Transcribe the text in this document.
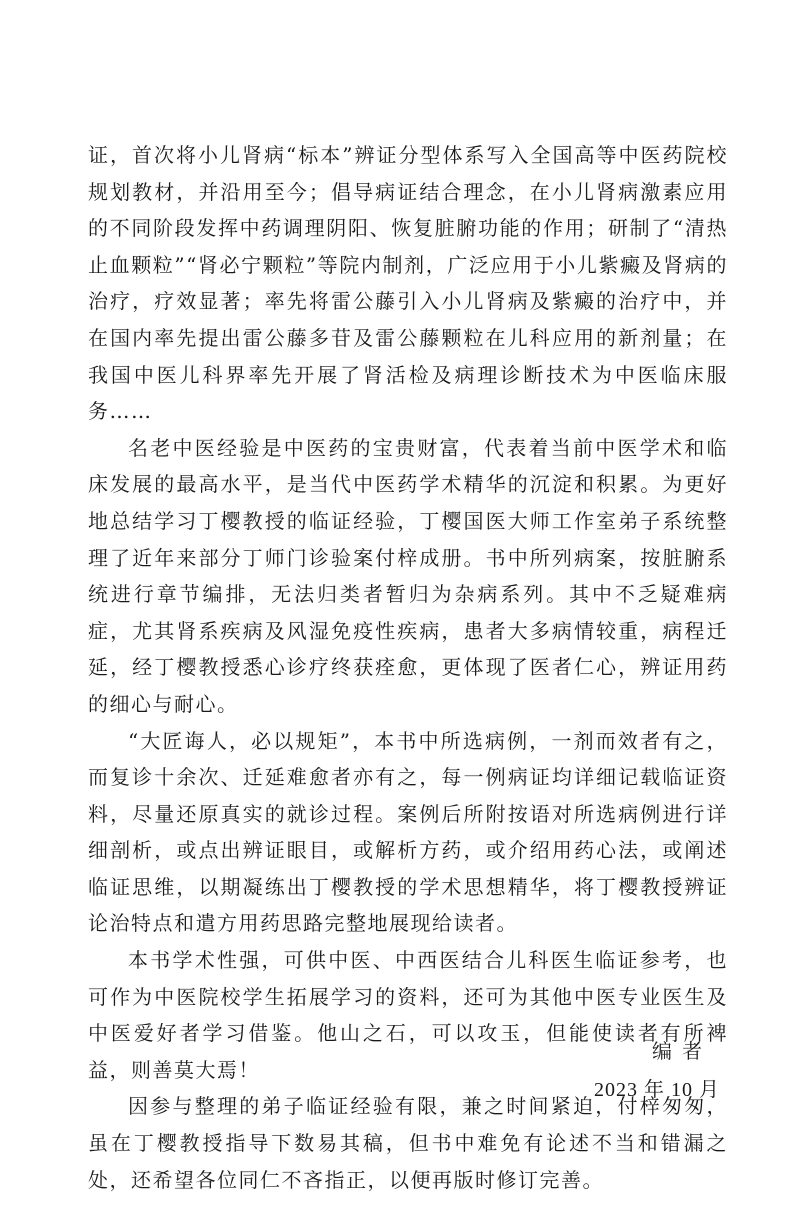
证，首次将小儿肾病“标本”辨证分型体系写入全国高等中医药院校规划教材，并沿用至今；倡导病证结合理念，在小儿肾病激素应用的不同阶段发挥中药调理阴阳、恢复脏腑功能的作用；研制了“清热止血颗粒”“肾必宁颗粒”等院内制剂，广泛应用于小儿紫癜及肾病的治疗，疗效显著；率先将雷公藤引入小儿肾病及紫癜的治疗中，并在国内率先提出雷公藤多苷及雷公藤颗粒在儿科应用的新剂量；在我国中医儿科界率先开展了肾活检及病理诊断技术为中医临床服务……

名老中医经验是中医药的宝贵财富，代表着当前中医学术和临床发展的最高水平，是当代中医药学术精华的沉淀和积累。为更好地总结学习丁樱教授的临证经验，丁樱国医大师工作室弟子系统整理了近年来部分丁师门诊验案付梓成册。书中所列病案，按脏腑系统进行章节编排，无法归类者暂归为杂病系列。其中不乏疑难病症，尤其肾系疾病及风湿免疫性疾病，患者大多病情较重，病程迁延，经丁樱教授悉心诊疗终获痊愈，更体现了医者仁心，辨证用药的细心与耐心。

“大匠诲人，必以规矩”，本书中所选病例，一剂而效者有之，而复诊十余次、迁延难愈者亦有之，每一例病证均详细记载临证资料，尽量还原真实的就诊过程。案例后所附按语对所选病例进行详细剖析，或点出辨证眼目，或解析方药，或介绍用药心法，或阐述临证思维，以期凝练出丁樱教授的学术思想精华，将丁樱教授辨证论治特点和遣方用药思路完整地展现给读者。

本书学术性强，可供中医、中西医结合儿科医生临证参考，也可作为中医院校学生拓展学习的资料，还可为其他中医专业医生及中医爱好者学习借鉴。他山之石，可以攻玉，但能使读者有所裨益，则善莫大焉！

因参与整理的弟子临证经验有限，兼之时间紧迫，付梓匆匆，虽在丁樱教授指导下数易其稿，但书中难免有论述不当和错漏之处，还希望各位同仁不吝指正，以便再版时修订完善。

编者
2023 年 10 月
